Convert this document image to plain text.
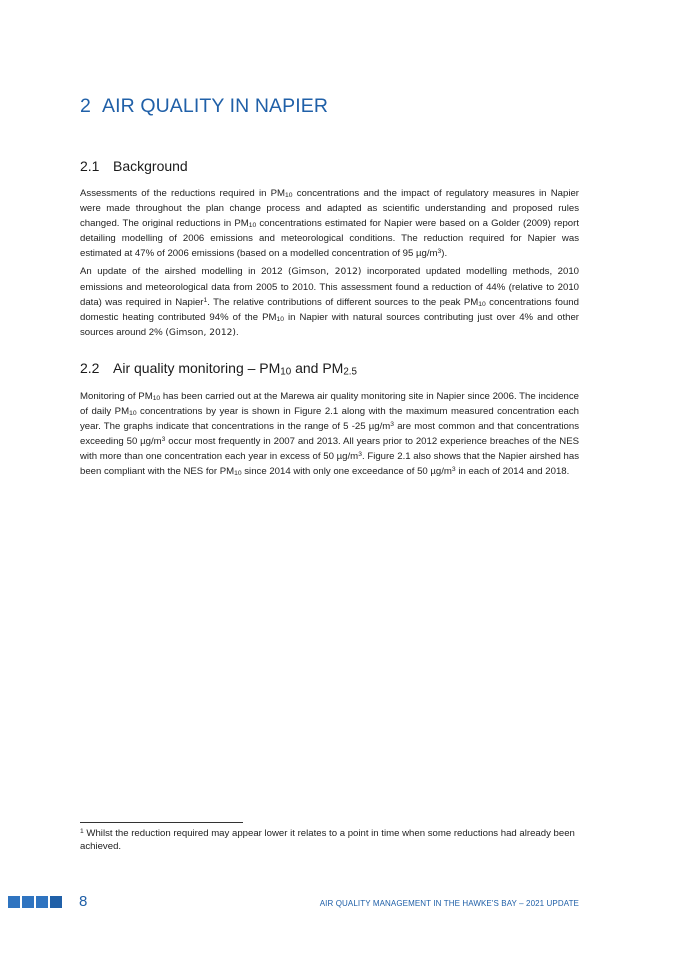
2 AIR QUALITY IN NAPIER
2.1 Background

Assessments of the reductions required in $PM_{10}$ concentrations and the impact of regulatory measures in Napier were made throughout the plan change process and adapted as scientific understanding and proposed rules changed. The original reductions in $PM_{10}$ concentrations estimated for Napier were based on a Golder (2009) report detailing modelling of 2006 emissions and meteorological conditions. The reduction required for Napier was estimated at 47% of 2006 emissions (based on a modelled concentration of 95 $\mu g/m^3$).

An update of the airshed modelling in 2012 (Gimson, 2012) incorporated updated modelling methods, 2010 emissions and meteorological data from 2005 to 2010. This assessment found a reduction of 44% (relative to 2010 data) was required in Napier$^1$. The relative contributions of different sources to the peak $PM_{10}$ concentrations found domestic heating contributed 94% of the $PM_{10}$ in Napier with natural sources contributing just over 4% and other sources around 2% (Gimson, 2012).

2.2 Air quality monitoring – $PM_{10}$ and $PM_{2.5}$

Monitoring of $PM_{10}$ has been carried out at the Marewa air quality monitoring site in Napier since 2006. The incidence of daily $PM_{10}$ concentrations by year is shown in Figure 2.1 along with the maximum measured concentration each year. The graphs indicate that concentrations in the range of 5 -25 $\mu g/m^3$ are most common and that concentrations exceeding 50 $\mu g/m^3$ occur most frequently in 2007 and 2013. All years prior to 2012 experience breaches of the NES with more than one concentration each year in excess of 50 $\mu g/m^3$. Figure 2.1 also shows that the Napier airshed has been compliant with the NES for $PM_{10}$ since 2014 with only one exceedance of 50 $\mu g/m^3$ in each of 2014 and 2018.

$^1$ Whilst the reduction required may appear lower it relates to a point in time when some reductions had already been achieved.

8	AIR QUALITY MANAGEMENT IN THE HAWKE'S BAY – 2021 UPDATE
